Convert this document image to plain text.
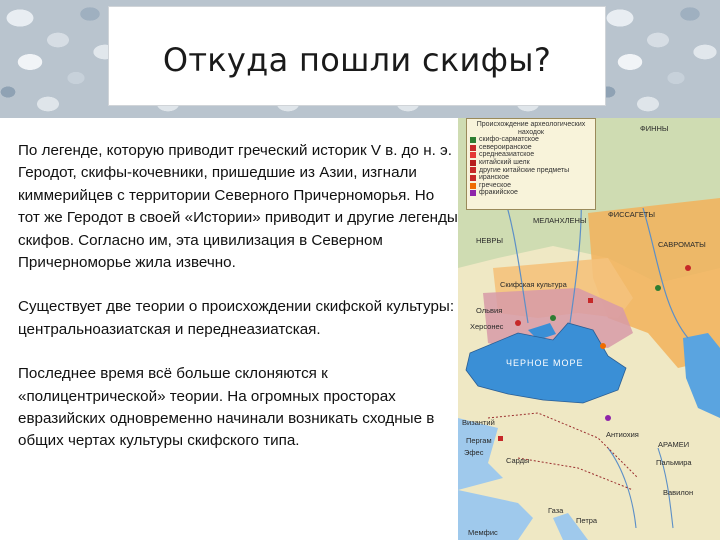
Откуда пошли скифы?

По легенде, которую приводит греческий историк V в. до н. э. Геродот, скифы-кочевники, пришедшие из Азии, изгнали киммерийцев с территории Северного Причерноморья. Но тот же Геродот в своей «Истории» приводит и другие легенды скифов. Согласно им, эта цивилизация в Северном Причерноморье жила извечно.

Существует две теории о происхождении скифской культуры: центральноазиатская и переднеазиатская.

Последнее время всё больше склоняются к «полицентрической» теории. На огромных просторах евразийских одновременно начинали возникать сходные в общих чертах культуры скифского типа.

Происхождение археологических находок
скифо-сарматское
североиранское
среднеазиатское
китайский шелк
другие китайские предметы
иранское
греческое
фракийское
ФИННЫ
ФИССАГЕТЫ
МЕЛАНХЛЕНЫ
НЕВРЫ	САВРОМАТЫ
Скифская культура
Ольвия
Херсонес
ЧЕРНОЕ МОРЕ
Византий
Пергам
Эфес
Сарды
Антиохия
АРАМЕИ
Пальмира
Вавилон
Газа
Петра
Мемфис
